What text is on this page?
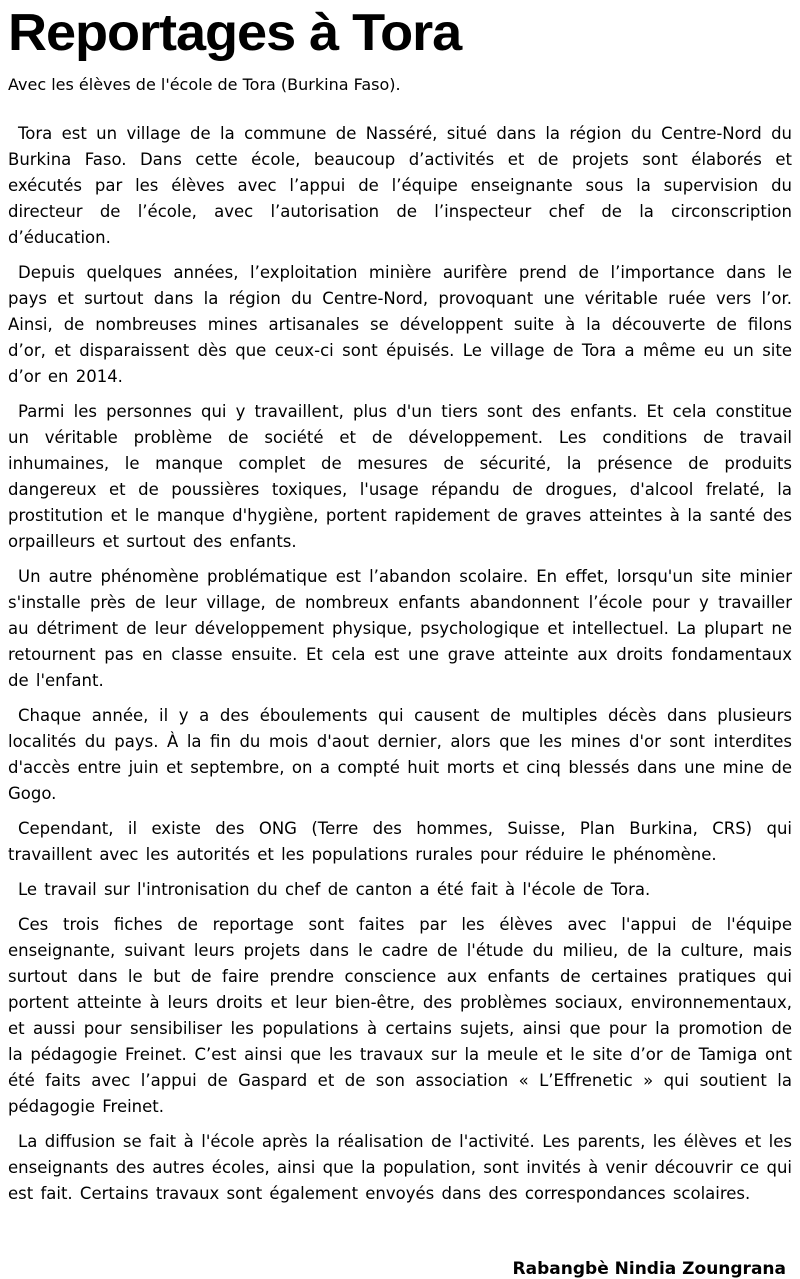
Reportages à Tora

Avec les élèves de l'école de Tora (Burkina Faso).

Tora est un village de la commune de Nasséré, situé dans la région du Centre-Nord du Burkina Faso. Dans cette école, beaucoup d’activités et de projets sont élaborés et exécutés par les élèves avec l’appui de l’équipe enseignante sous la supervision du directeur de l’école, avec l’autorisation de l’inspecteur chef de la circonscription d’éducation.

Depuis quelques années, l’exploitation minière aurifère prend de l’importance dans le pays et surtout dans la région du Centre-Nord, provoquant une véritable ruée vers l’or. Ainsi, de nombreuses mines artisanales se développent suite à la découverte de filons d’or, et disparaissent dès que ceux-ci sont épuisés. Le village de Tora a même eu un site d’or en 2014.

Parmi les personnes qui y travaillent, plus d'un tiers sont des enfants. Et cela constitue un véritable problème de société et de développement. Les conditions de travail inhumaines, le manque complet de mesures de sécurité, la présence de produits dangereux et de poussières toxiques, l'usage répandu de drogues, d'alcool frelaté, la prostitution et le manque d'hygiène, portent rapidement de graves atteintes à la santé des orpailleurs et surtout des enfants.

Un autre phénomène problématique est l’abandon scolaire. En effet, lorsqu'un site minier s'installe près de leur village, de nombreux enfants abandonnent l’école pour y travailler au détriment de leur développement physique, psychologique et intellectuel. La plupart ne retournent pas en classe ensuite. Et cela est une grave atteinte aux droits fondamentaux de l'enfant.

Chaque année, il y a des éboulements qui causent de multiples décès dans plusieurs localités du pays. À la fin du mois d'aout dernier, alors que les mines d'or sont interdites d'accès entre juin et septembre, on a compté huit morts et cinq blessés dans une mine de Gogo.

Cependant, il existe des ONG (Terre des hommes, Suisse, Plan Burkina, CRS) qui travaillent avec les autorités et les populations rurales pour réduire le phénomène.

Le travail sur l'intronisation du chef de canton a été fait à l'école de Tora.

Ces trois fiches de reportage sont faites par les élèves avec l'appui de l'équipe enseignante, suivant leurs projets dans le cadre de l'étude du milieu, de la culture, mais surtout dans le but de faire prendre conscience aux enfants de certaines pratiques qui portent atteinte à leurs droits et leur bien-être, des problèmes sociaux, environnementaux, et aussi pour sensibiliser les populations à certains sujets, ainsi que pour la promotion de la pédagogie Freinet. C’est ainsi que les travaux sur la meule et le site d’or de Tamiga ont été faits avec l’appui de Gaspard et de son association « L’Effrenetic » qui soutient la pédagogie Freinet.

La diffusion se fait à l'école après la réalisation de l'activité. Les parents, les élèves et les enseignants des autres écoles, ainsi que la population, sont invités à venir découvrir ce qui est fait. Certains travaux sont également envoyés dans des correspondances scolaires.

Rabangbè Nindia Zoungrana
